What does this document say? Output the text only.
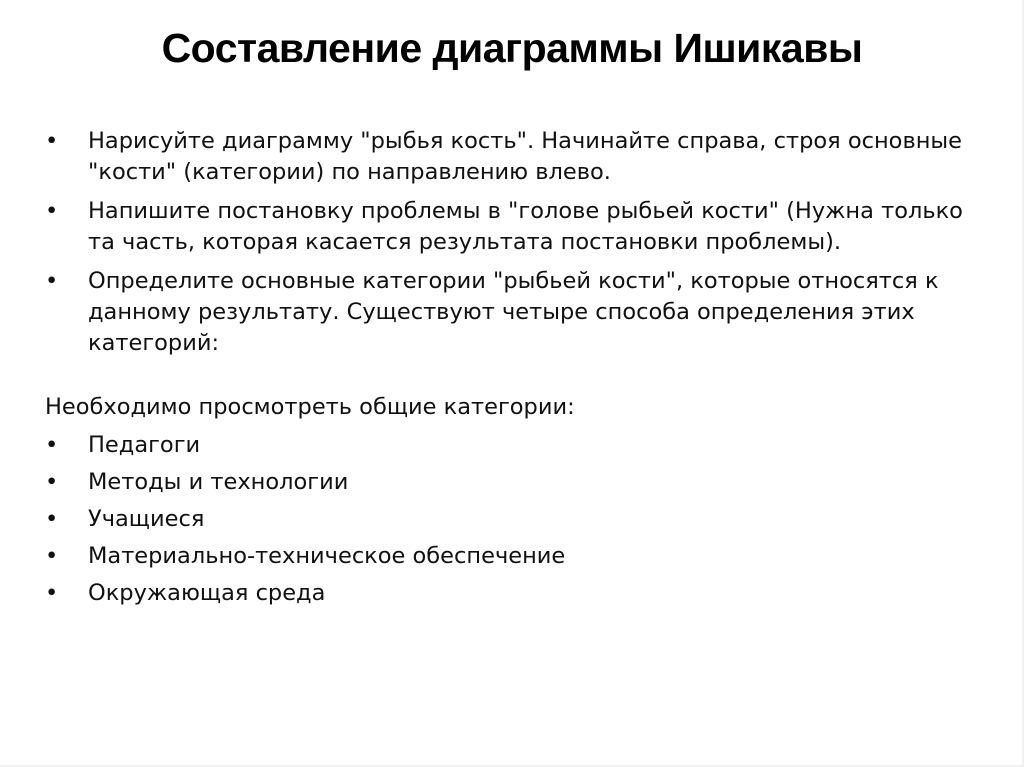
Составление диаграммы Ишикавы
•	Нарисуйте диаграмму "рыбья кость". Начинайте справа, строя основные "кости" (категории) по направлению влево.
•	Напишите постановку проблемы в "голове рыбьей кости" (Нужна только та часть, которая касается результата постановки проблемы).
•	Определите основные категории "рыбьей кости", которые относятся к данному результату. Существуют четыре способа определения этих категорий:
Необходимо просмотреть общие категории:
•	Педагоги
•	Методы и технологии
•	Учащиеся
•	Материально-техническое обеспечение
•	Окружающая среда
